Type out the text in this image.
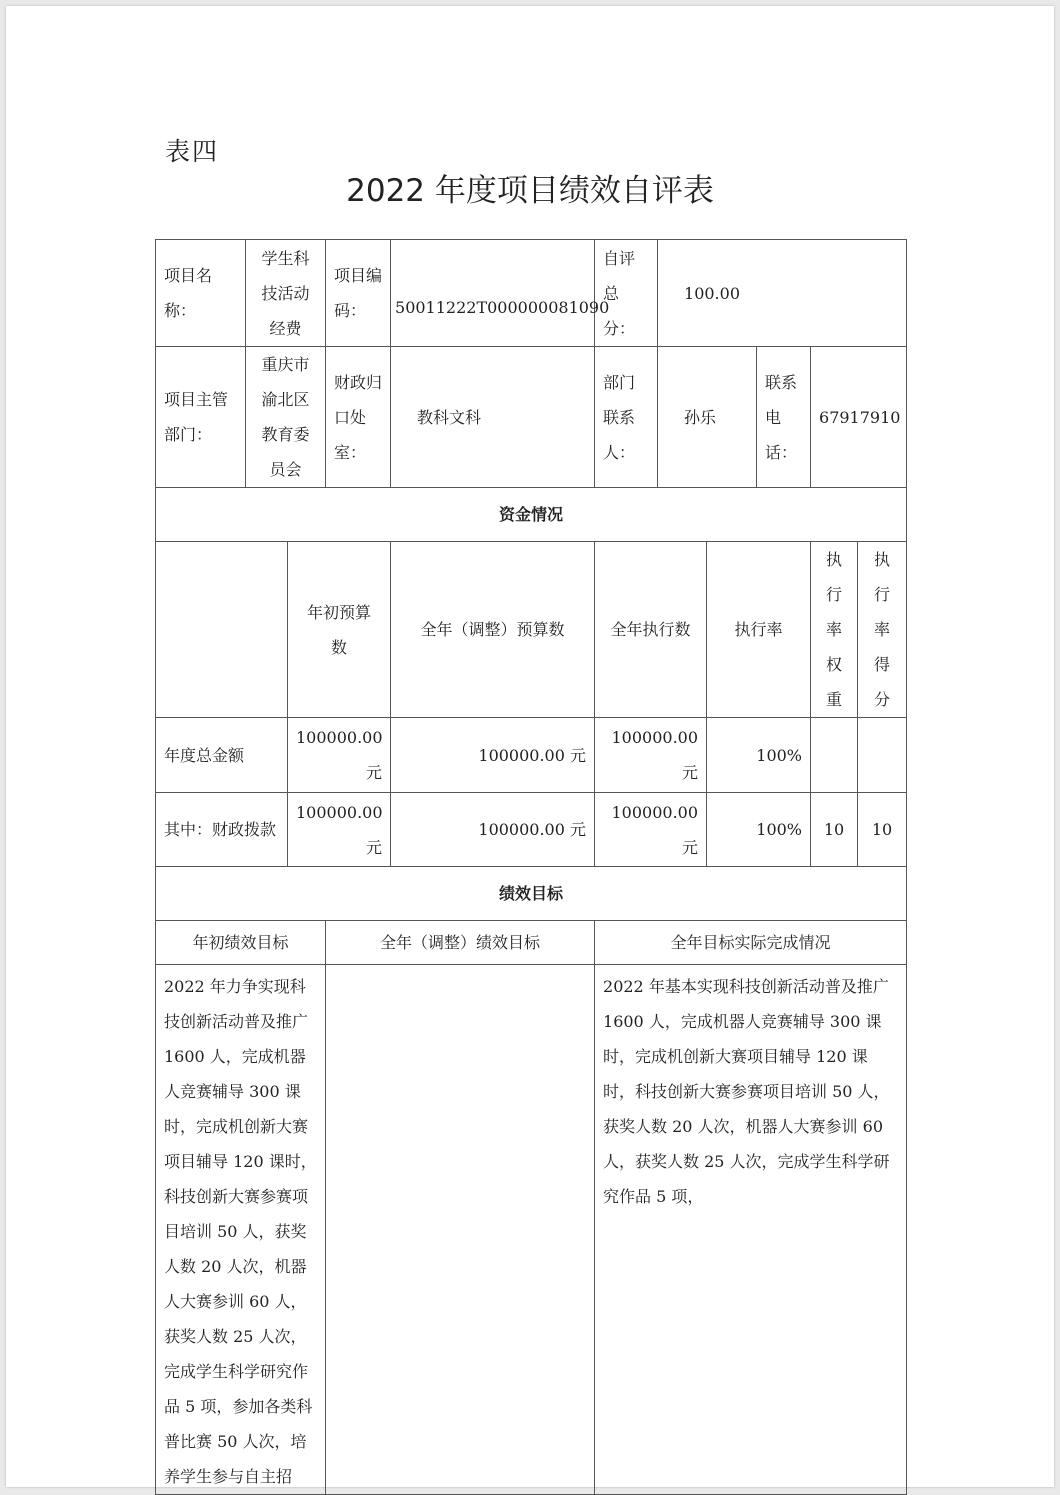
表四
2022 年度项目绩效自评表
项目名称：	学生科技活动经费		项目编码：	50011222T000000081090	自评总分：	100.00				
项目主管部门：	重庆市渝北区教育委员会		财政归口处室：	教科文科	部门联系人：	孙乐		联系电话：	67917910	
资金情况										
		年初预算数		全年（调整）预算数	全年执行数		执行率		执行率权重	执行率得分
年度总金额		100000.00 元		100000.00 元	100000.00 元		100%			
其中：财政拨款		100000.00 元		100000.00 元	100000.00 元		100%		10	10
绩效目标										
年初绩效目标			全年（调整）绩效目标		全年目标实际完成情况					
2022 年力争实现科技创新活动普及推广 1600 人，完成机器人竞赛辅导 300 课时，完成机创新大赛项目辅导 120 课时，科技创新大赛参赛项目培训 50 人，获奖人数 20 人次，机器人大赛参训 60 人，获奖人数 25 人次，完成学生科学研究作品 5 项，参加各类科普比赛 50 人次，培养学生参与自主招					2022 年基本实现科技创新活动普及推广 1600 人，完成机器人竞赛辅导 300 课时，完成机创新大赛项目辅导 120 课时，科技创新大赛参赛项目培训 50 人，获奖人数 20 人次，机器人大赛参训 60 人，获奖人数 25 人次，完成学生科学研究作品 5 项，					
